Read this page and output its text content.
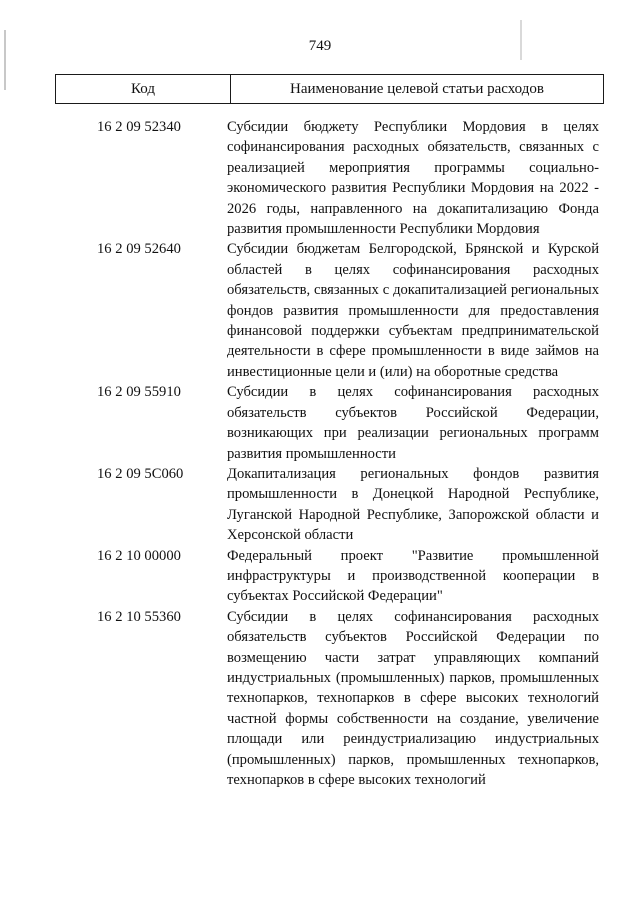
749
Код	Наименование целевой статьи расходов
16 2 09 52340	Субсидии бюджету Республики Мордовия в целях софинансирования расходных обязательств, связанных с реализацией мероприятия программы социально-экономического развития Республики Мордовия на 2022 - 2026 годы, направленного на докапитализацию Фонда развития промышленности Республики Мордовия
16 2 09 52640	Субсидии бюджетам Белгородской, Брянской и Курской областей в целях софинансирования расходных обязательств, связанных с докапитализацией региональных фондов развития промышленности для предоставления финансовой поддержки субъектам предпринимательской деятельности в сфере промышленности в виде займов на инвестиционные цели и (или) на оборотные средства
16 2 09 55910	Субсидии в целях софинансирования расходных обязательств субъектов Российской Федерации, возникающих при реализации региональных программ развития промышленности
16 2 09 5С060	Докапитализация региональных фондов развития промышленности в Донецкой Народной Республике, Луганской Народной Республике, Запорожской области и Херсонской области
16 2 10 00000	Федеральный проект "Развитие промышленной инфраструктуры и производственной кооперации в субъектах Российской Федерации"
16 2 10 55360	Субсидии в целях софинансирования расходных обязательств субъектов Российской Федерации по возмещению части затрат управляющих компаний индустриальных (промышленных) парков, промышленных технопарков, технопарков в сфере высоких технологий частной формы собственности на создание, увеличение площади или реиндустриализацию индустриальных (промышленных) парков, промышленных технопарков, технопарков в сфере высоких технологий
